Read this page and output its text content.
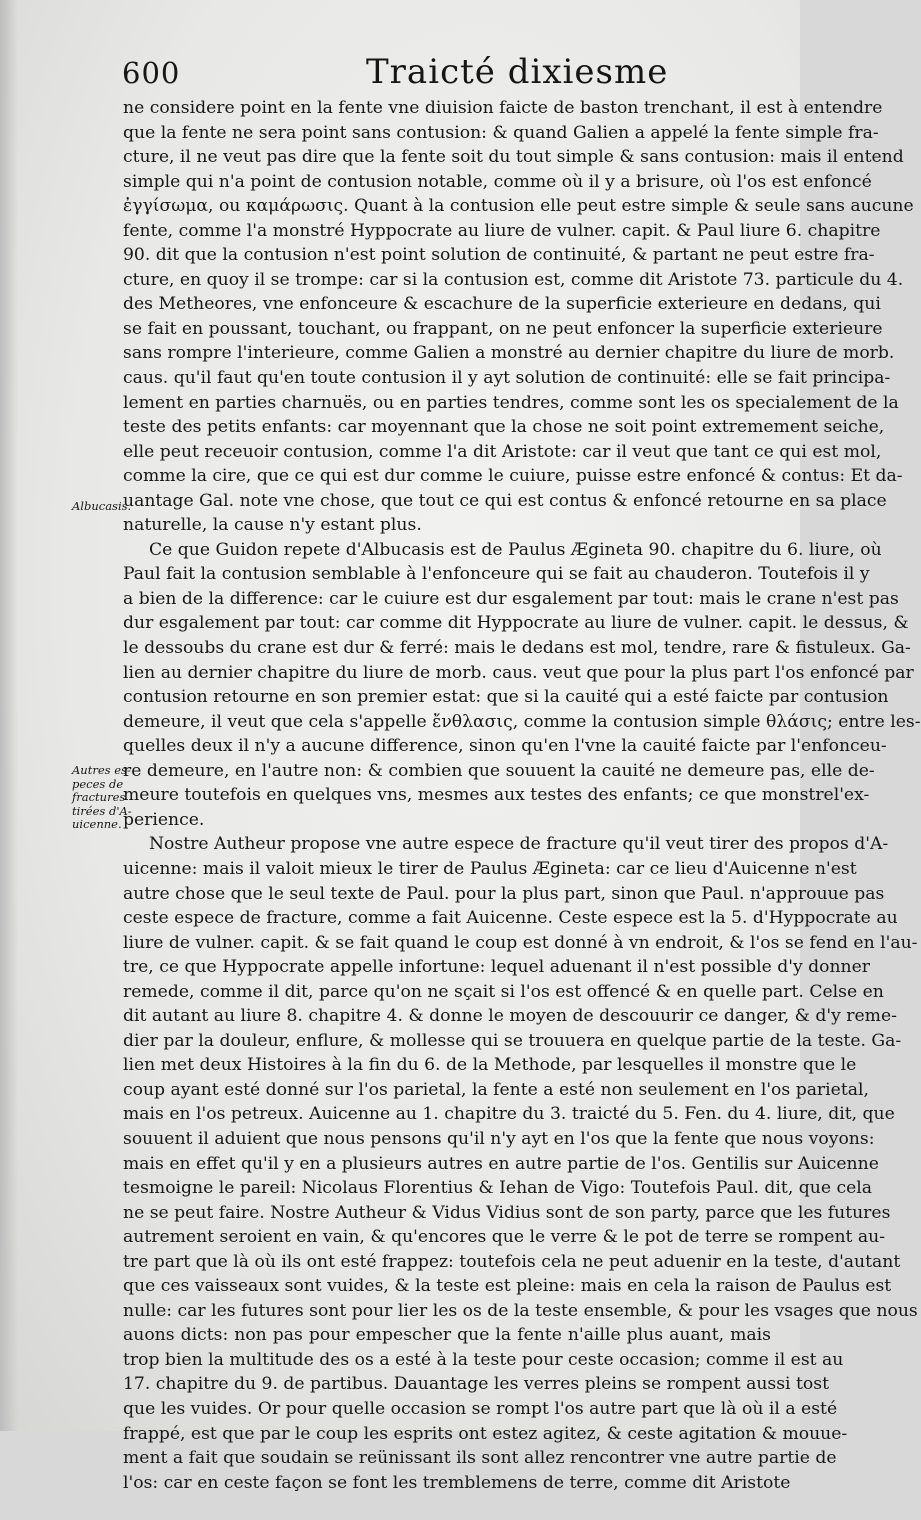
600	Traicté dixiesme
Albucasis.
Autres es-
peces de
fractures
tirées d'A-
uicenne.
ne considere point en la fente vne diuision faicte de baston trenchant, il est à entendre
que la fente ne sera point sans contusion: & quand Galien a appelé la fente simple fra-
cture, il ne veut pas dire que la fente soit du tout simple & sans contusion: mais il entend
simple qui n'a point de contusion notable, comme où il y a brisure, où l'os est enfoncé
ἐγγίσωμα, ou καμάρωσις. Quant à la contusion elle peut estre simple & seule sans aucune
fente, comme l'a monstré Hyppocrate au liure de vulner. capit. & Paul liure 6. chapitre
90. dit que la contusion n'est point solution de continuité, & partant ne peut estre fra-
cture, en quoy il se trompe: car si la contusion est, comme dit Aristote 73. particule du 4.
des Metheores, vne enfonceure & escachure de la superficie exterieure en dedans, qui
se fait en poussant, touchant, ou frappant, on ne peut enfoncer la superficie exterieure
sans rompre l'interieure, comme Galien a monstré au dernier chapitre du liure de morb.
caus. qu'il faut qu'en toute contusion il y ayt solution de continuité: elle se fait principa-
lement en parties charnuës, ou en parties tendres, comme sont les os specialement de la
teste des petits enfants: car moyennant que la chose ne soit point extremement seiche,
elle peut receuoir contusion, comme l'a dit Aristote: car il veut que tant ce qui est mol,
comme la cire, que ce qui est dur comme le cuiure, puisse estre enfoncé & contus: Et da-
uantage Gal. note vne chose, que tout ce qui est contus & enfoncé retourne en sa place
naturelle, la cause n'y estant plus.
Ce que Guidon repete d'Albucasis est de Paulus Ægineta 90. chapitre du 6. liure, où
Paul fait la contusion semblable à l'enfonceure qui se fait au chauderon. Toutefois il y
a bien de la difference: car le cuiure est dur esgalement par tout: mais le crane n'est pas
dur esgalement par tout: car comme dit Hyppocrate au liure de vulner. capit. le dessus, &
le dessoubs du crane est dur & ferré: mais le dedans est mol, tendre, rare & fistuleux. Ga-
lien au dernier chapitre du liure de morb. caus. veut que pour la plus part l'os enfoncé par
contusion retourne en son premier estat: que si la cauité qui a esté faicte par contusion
demeure, il veut que cela s'appelle ἔνθλασις, comme la contusion simple θλάσις; entre les-
quelles deux il n'y a aucune difference, sinon qu'en l'vne la cauité faicte par l'enfonceu-
re demeure, en l'autre non: & combien que souuent la cauité ne demeure pas, elle de-
meure toutefois en quelques vns, mesmes aux testes des enfants; ce que monstrel'ex-
perience.
Nostre Autheur propose vne autre espece de fracture qu'il veut tirer des propos d'A-
uicenne: mais il valoit mieux le tirer de Paulus Ægineta: car ce lieu d'Auicenne n'est
autre chose que le seul texte de Paul. pour la plus part, sinon que Paul. n'approuue pas
ceste espece de fracture, comme a fait Auicenne. Ceste espece est la 5. d'Hyppocrate au
liure de vulner. capit. & se fait quand le coup est donné à vn endroit, & l'os se fend en l'au-
tre, ce que Hyppocrate appelle infortune: lequel aduenant il n'est possible d'y donner
remede, comme il dit, parce qu'on ne sçait si l'os est offencé & en quelle part. Celse en
dit autant au liure 8. chapitre 4. & donne le moyen de descouurir ce danger, & d'y reme-
dier par la douleur, enflure, & mollesse qui se trouuera en quelque partie de la teste. Ga-
lien met deux Histoires à la fin du 6. de la Methode, par lesquelles il monstre que le
coup ayant esté donné sur l'os parietal, la fente a esté non seulement en l'os parietal,
mais en l'os petreux. Auicenne au 1. chapitre du 3. traicté du 5. Fen. du 4. liure, dit, que
souuent il aduient que nous pensons qu'il n'y ayt en l'os que la fente que nous voyons:
mais en effet qu'il y en a plusieurs autres en autre partie de l'os. Gentilis sur Auicenne
tesmoigne le pareil: Nicolaus Florentius & Iehan de Vigo: Toutefois Paul. dit, que cela
ne se peut faire. Nostre Autheur & Vidus Vidius sont de son party, parce que les futures
autrement seroient en vain, & qu'encores que le verre & le pot de terre se rompent au-
tre part que là où ils ont esté frappez: toutefois cela ne peut aduenir en la teste, d'autant
que ces vaisseaux sont vuides, & la teste est pleine: mais en cela la raison de Paulus est
nulle: car les futures sont pour lier les os de la teste ensemble, & pour les vsages que nous
auons dicts: non pas pour empescher que la fente n'aille plus auant, mais
trop bien la multitude des os a esté à la teste pour ceste occasion; comme il est au
17. chapitre du 9. de partibus. Dauantage les verres pleins se rompent aussi tost
que les vuides. Or pour quelle occasion se rompt l'os autre part que là où il a esté
frappé, est que par le coup les esprits ont estez agitez, & ceste agitation & mouue-
ment a fait que soudain se reünissant ils sont allez rencontrer vne autre partie de
l'os: car en ceste façon se font les tremblemens de terre, comme dit Aristote
